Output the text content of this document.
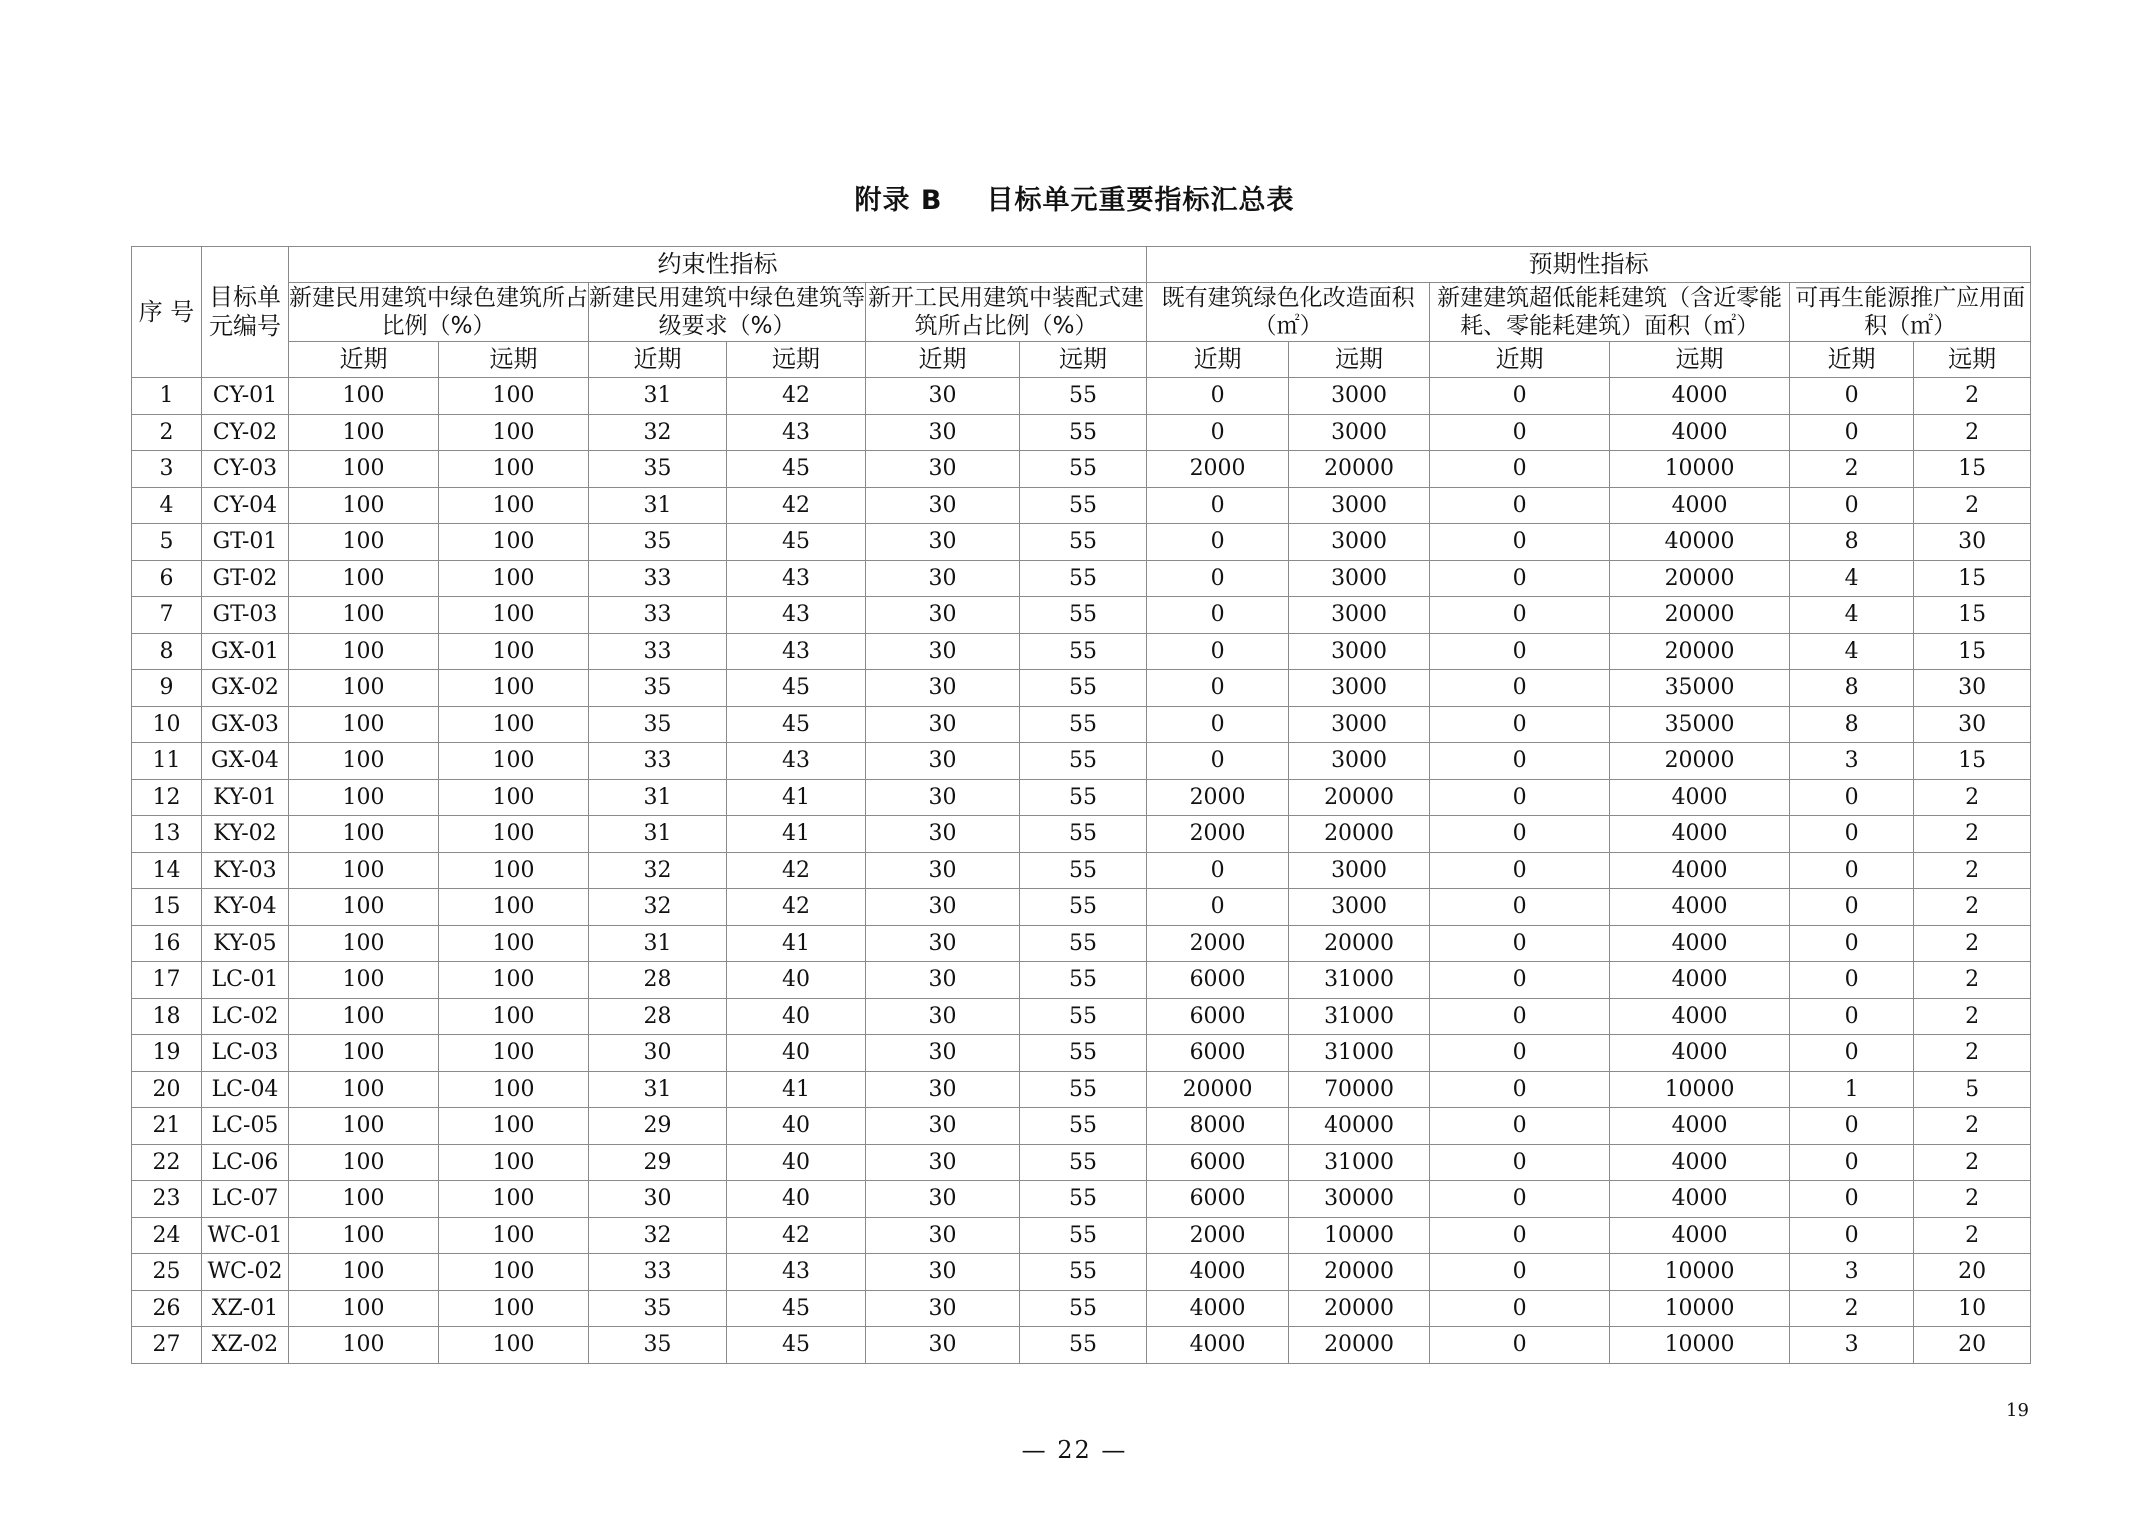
附录 B 目标单元重要指标汇总表
序 号	目标单元编号	约束性指标						预期性指标					
		新建民用建筑中绿色建筑所占比例（%）		新建民用建筑中绿色建筑等级要求（%）		新开工民用建筑中装配式建筑所占比例（%）		既有建筑绿色化改造面积（㎡）		新建建筑超低能耗建筑（含近零能耗、零能耗建筑）面积（㎡）		可再生能源推广应用面积（㎡）	
		近期	远期	近期	远期	近期	远期	近期	远期	近期	远期	近期	远期
1	CY-01	100	100	31	42	30	55	0	3000	0	4000	0	2
2	CY-02	100	100	32	43	30	55	0	3000	0	4000	0	2
3	CY-03	100	100	35	45	30	55	2000	20000	0	10000	2	15
4	CY-04	100	100	31	42	30	55	0	3000	0	4000	0	2
5	GT-01	100	100	35	45	30	55	0	3000	0	40000	8	30
6	GT-02	100	100	33	43	30	55	0	3000	0	20000	4	15
7	GT-03	100	100	33	43	30	55	0	3000	0	20000	4	15
8	GX-01	100	100	33	43	30	55	0	3000	0	20000	4	15
9	GX-02	100	100	35	45	30	55	0	3000	0	35000	8	30
10	GX-03	100	100	35	45	30	55	0	3000	0	35000	8	30
11	GX-04	100	100	33	43	30	55	0	3000	0	20000	3	15
12	KY-01	100	100	31	41	30	55	2000	20000	0	4000	0	2
13	KY-02	100	100	31	41	30	55	2000	20000	0	4000	0	2
14	KY-03	100	100	32	42	30	55	0	3000	0	4000	0	2
15	KY-04	100	100	32	42	30	55	0	3000	0	4000	0	2
16	KY-05	100	100	31	41	30	55	2000	20000	0	4000	0	2
17	LC-01	100	100	28	40	30	55	6000	31000	0	4000	0	2
18	LC-02	100	100	28	40	30	55	6000	31000	0	4000	0	2
19	LC-03	100	100	30	40	30	55	6000	31000	0	4000	0	2
20	LC-04	100	100	31	41	30	55	20000	70000	0	10000	1	5
21	LC-05	100	100	29	40	30	55	8000	40000	0	4000	0	2
22	LC-06	100	100	29	40	30	55	6000	31000	0	4000	0	2
23	LC-07	100	100	30	40	30	55	6000	30000	0	4000	0	2
24	WC-01	100	100	32	42	30	55	2000	10000	0	4000	0	2
25	WC-02	100	100	33	43	30	55	4000	20000	0	10000	3	20
26	XZ-01	100	100	35	45	30	55	4000	20000	0	10000	2	10
27	XZ-02	100	100	35	45	30	55	4000	20000	0	10000	3	20
19
— 22 —
